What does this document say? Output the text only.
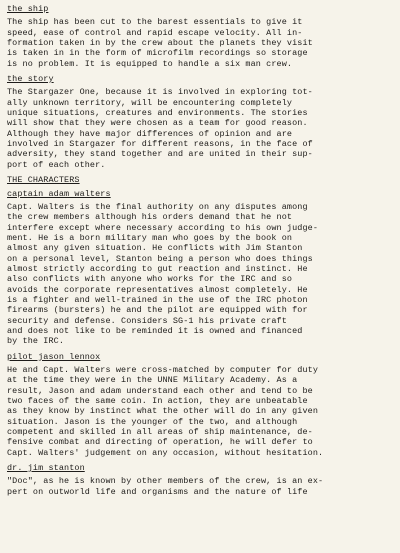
the ship
The ship has been cut to the barest essentials to give it
speed, ease of control and rapid escape velocity. All in-
formation taken in by the crew about the planets they visit
is taken in in the form of microfilm recordings so storage
is no problem. It is equipped to handle a six man crew.
the story
The Stargazer One, because it is involved in exploring tot-
ally unknown territory, will be encountering completely
unique situations, creatures and environments. The stories
will show that they were chosen as a team for good reason.
Although they have major differences of opinion and are
involved in Stargazer for different reasons, in the face of
adversity, they stand together and are united in their sup-
port of each other.
THE CHARACTERS
captain adam walters
Capt. Walters is the final authority on any disputes among
the crew members although his orders demand that he not
interfere except where necessary according to his own judge-
ment. He is a born military man who goes by the book on
almost any given situation. He conflicts with Jim Stanton
on a personal level, Stanton being a person who does things
almost strictly according to gut reaction and instinct. He
also conflicts with anyone who works for the IRC and so
avoids the corporate representatives almost completely. He
is a fighter and well-trained in the use of the IRC photon
firearms (bursters) he and the pilot are equipped with for
security and defense. Considers SG-1 his private craft
and does not like to be reminded it is owned and financed
by the IRC.
pilot jason lennox
He and Capt. Walters were cross-matched by computer for duty
at the time they were in the UNNE Military Academy. As a
result, Jason and adam understand each other and tend to be
two faces of the same coin. In action, they are unbeatable
as they know by instinct what the other will do in any given
situation. Jason is the younger of the two, and although
competent and skilled in all areas of ship maintenance, de-
fensive combat and directing of operation, he will defer to
Capt. Walters' judgement on any occasion, without hesitation.
dr. jim stanton
"Doc", as he is known by other members of the crew, is an ex-
pert on outworld life and organisms and the nature of life
